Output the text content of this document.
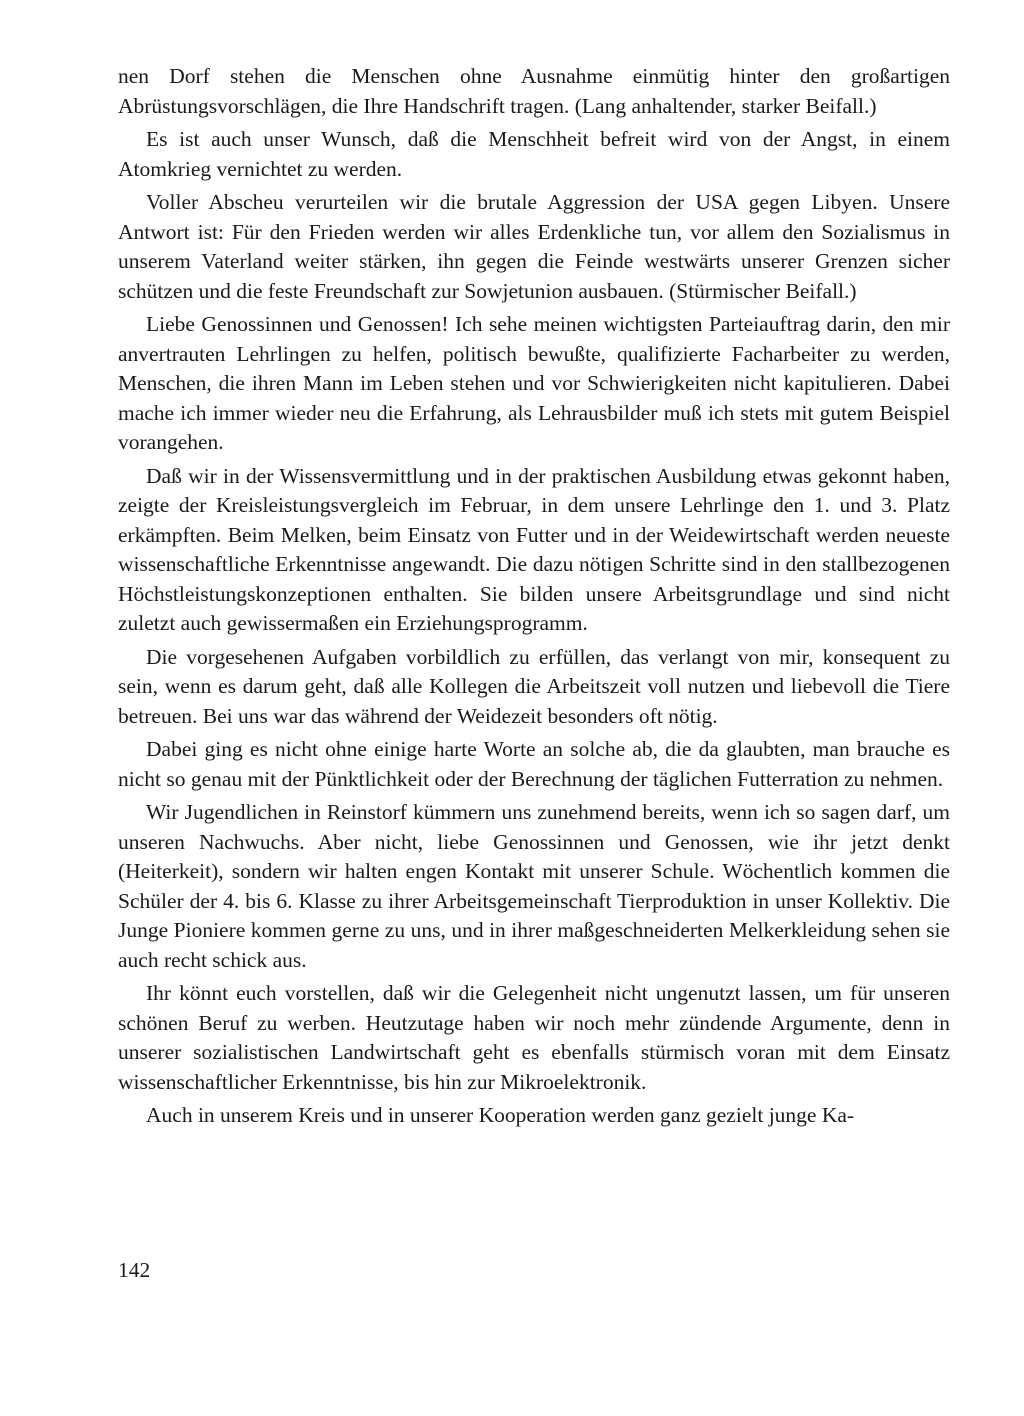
nen Dorf stehen die Menschen ohne Ausnahme einmütig hinter den großartigen Abrüstungsvorschlägen, die Ihre Handschrift tragen. (Lang anhaltender, starker Beifall.)

Es ist auch unser Wunsch, daß die Menschheit befreit wird von der Angst, in einem Atomkrieg vernichtet zu werden.

Voller Abscheu verurteilen wir die brutale Aggression der USA gegen Libyen. Unsere Antwort ist: Für den Frieden werden wir alles Erdenkliche tun, vor allem den Sozialismus in unserem Vaterland weiter stärken, ihn gegen die Feinde westwärts unserer Grenzen sicher schützen und die feste Freundschaft zur Sowjetunion ausbauen. (Stürmischer Beifall.)

Liebe Genossinnen und Genossen! Ich sehe meinen wichtigsten Parteiauftrag darin, den mir anvertrauten Lehrlingen zu helfen, politisch bewußte, qualifizierte Facharbeiter zu werden, Menschen, die ihren Mann im Leben stehen und vor Schwierigkeiten nicht kapitulieren. Dabei mache ich immer wieder neu die Erfahrung, als Lehrausbilder muß ich stets mit gutem Beispiel vorangehen.

Daß wir in der Wissensvermittlung und in der praktischen Ausbildung etwas gekonnt haben, zeigte der Kreisleistungsvergleich im Februar, in dem unsere Lehrlinge den 1. und 3. Platz erkämpften. Beim Melken, beim Einsatz von Futter und in der Weidewirtschaft werden neueste wissenschaftliche Erkenntnisse angewandt. Die dazu nötigen Schritte sind in den stallbezogenen Höchstleistungskonzeptionen enthalten. Sie bilden unsere Arbeitsgrundlage und sind nicht zuletzt auch gewissermaßen ein Erziehungsprogramm.

Die vorgesehenen Aufgaben vorbildlich zu erfüllen, das verlangt von mir, konsequent zu sein, wenn es darum geht, daß alle Kollegen die Arbeitszeit voll nutzen und liebevoll die Tiere betreuen. Bei uns war das während der Weidezeit besonders oft nötig.

Dabei ging es nicht ohne einige harte Worte an solche ab, die da glaubten, man brauche es nicht so genau mit der Pünktlichkeit oder der Berechnung der täglichen Futterration zu nehmen.

Wir Jugendlichen in Reinstorf kümmern uns zunehmend bereits, wenn ich so sagen darf, um unseren Nachwuchs. Aber nicht, liebe Genossinnen und Genossen, wie ihr jetzt denkt (Heiterkeit), sondern wir halten engen Kontakt mit unserer Schule. Wöchentlich kommen die Schüler der 4. bis 6. Klasse zu ihrer Arbeitsgemeinschaft Tierproduktion in unser Kollektiv. Die Junge Pioniere kommen gerne zu uns, und in ihrer maßgeschneiderten Melkerkleidung sehen sie auch recht schick aus.

Ihr könnt euch vorstellen, daß wir die Gelegenheit nicht ungenutzt lassen, um für unseren schönen Beruf zu werben. Heutzutage haben wir noch mehr zündende Argumente, denn in unserer sozialistischen Landwirtschaft geht es ebenfalls stürmisch voran mit dem Einsatz wissenschaftlicher Erkenntnisse, bis hin zur Mikroelektronik.

Auch in unserem Kreis und in unserer Kooperation werden ganz gezielt junge Ka-

142
